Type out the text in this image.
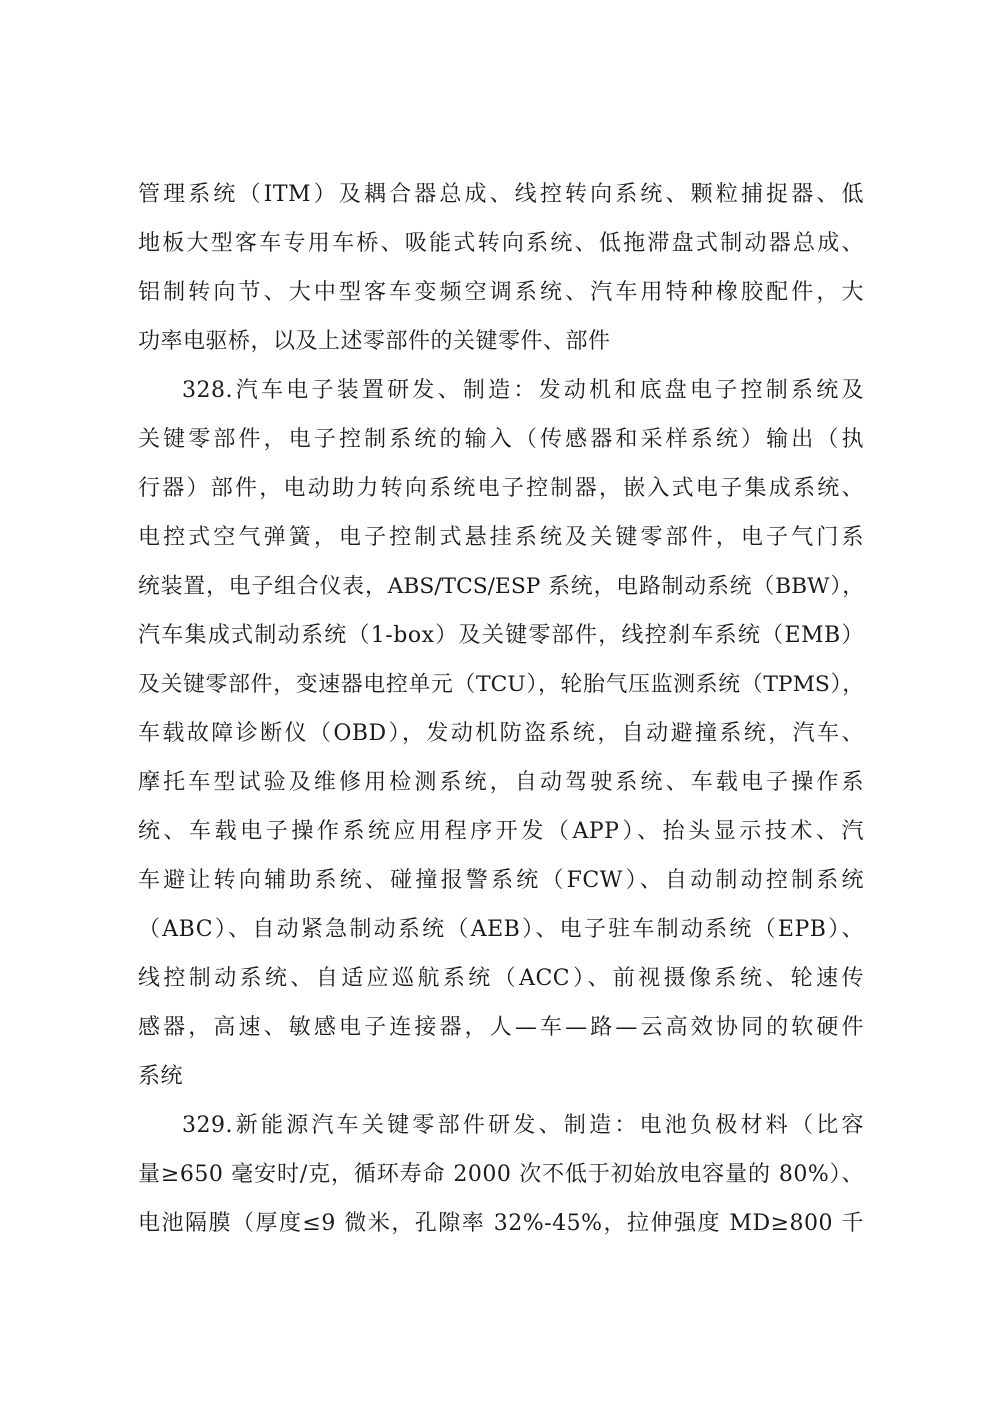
管理系统（ITM）及耦合器总成、线控转向系统、颗粒捕捉器、低
地板大型客车专用车桥、吸能式转向系统、低拖滞盘式制动器总成、
铝制转向节、大中型客车变频空调系统、汽车用特种橡胶配件，大
功率电驱桥，以及上述零部件的关键零件、部件
328.汽车电子装置研发、制造：发动机和底盘电子控制系统及
关键零部件，电子控制系统的输入（传感器和采样系统）输出（执
行器）部件，电动助力转向系统电子控制器，嵌入式电子集成系统、
电控式空气弹簧，电子控制式悬挂系统及关键零部件，电子气门系
统装置，电子组合仪表，ABS/TCS/ESP 系统，电路制动系统（BBW），
汽车集成式制动系统（1-box）及关键零部件，线控刹车系统（EMB）
及关键零部件，变速器电控单元（TCU），轮胎气压监测系统（TPMS），
车载故障诊断仪（OBD），发动机防盗系统，自动避撞系统，汽车、
摩托车型试验及维修用检测系统，自动驾驶系统、车载电子操作系
统、车载电子操作系统应用程序开发（APP）、抬头显示技术、汽
车避让转向辅助系统、碰撞报警系统（FCW）、自动制动控制系统
（ABC）、自动紧急制动系统（AEB）、电子驻车制动系统（EPB）、
线控制动系统、自适应巡航系统（ACC）、前视摄像系统、轮速传
感器，高速、敏感电子连接器，人—车—路—云高效协同的软硬件
系统
329.新能源汽车关键零部件研发、制造：电池负极材料（比容
量≥650 毫安时/克，循环寿命 2000 次不低于初始放电容量的 80%）、
电池隔膜（厚度≤9 微米，孔隙率 32%-45%，拉伸强度 MD≥800 千
